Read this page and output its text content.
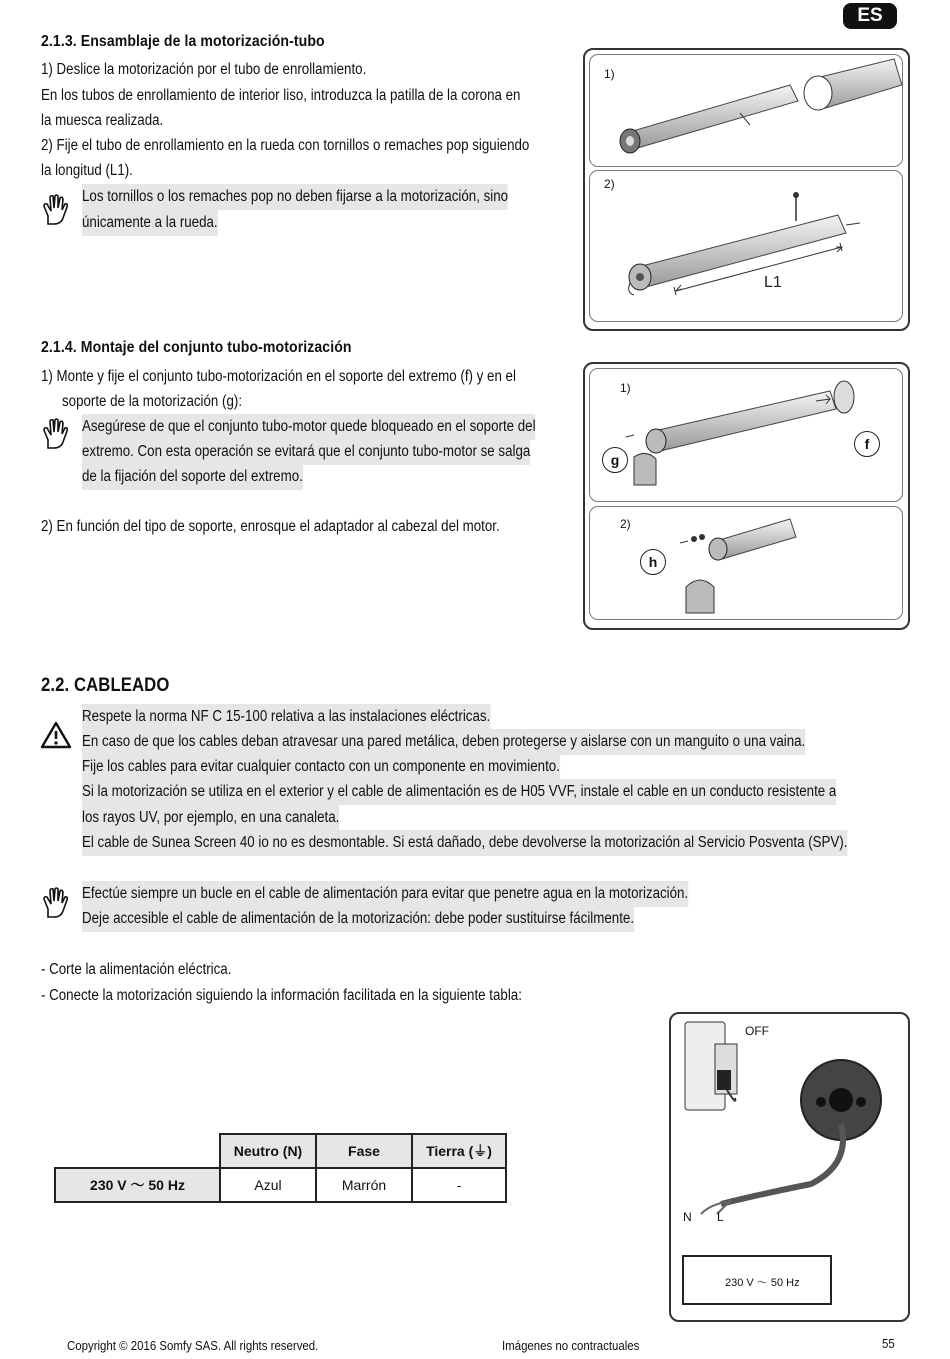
ES
2.1.3. Ensamblaje de la motorización-tubo
1) Deslice la motorización por el tubo de enrollamiento.
En los tubos de enrollamiento de interior liso, introduzca la patilla de la corona en
la muesca realizada.
2) Fije el tubo de enrollamiento en la rueda con tornillos o remaches pop siguiendo
la longitud (L1).
Los tornillos o los remaches pop no deben fijarse a la motorización, sino
únicamente a la rueda.
1)
2)
L1
2.1.4. Montaje del conjunto tubo-motorización
1) Monte y fije el conjunto tubo-motorización en el soporte del extremo (f) y en el
soporte de la motorización (g):
Asegúrese de que el conjunto tubo-motor quede bloqueado en el soporte del
extremo. Con esta operación se evitará que el conjunto tubo-motor se salga
de la fijación del soporte del extremo.
2) En función del tipo de soporte, enrosque el adaptador al cabezal del motor.
1)
g
f
2)
h
2.2. CABLEADO
Respete la norma NF C 15-100 relativa a las instalaciones eléctricas.
En caso de que los cables deban atravesar una pared metálica, deben protegerse y aislarse con un manguito o una vaina.
Fije los cables para evitar cualquier contacto con un componente en movimiento.
Si la motorización se utiliza en el exterior y el cable de alimentación es de H05 VVF, instale el cable en un conducto resistente a
los rayos UV, por ejemplo, en una canaleta.
El cable de Sunea Screen 40 io no es desmontable. Si está dañado, debe devolverse la motorización al Servicio Posventa (SPV).
Efectúe siempre un bucle en el cable de alimentación para evitar que penetre agua en la motorización.
Deje accesible el cable de alimentación de la motorización: debe poder sustituirse fácilmente.
- Corte la alimentación eléctrica.
- Conecte la motorización siguiendo la información facilitada en la siguiente tabla:
	Neutro (N)	Fase	Tierra (⏚)
230 V ～ 50 Hz	Azul	Marrón	-
OFF
N L
230 V ～ 50 Hz
Copyright © 2016 Somfy SAS. All rights reserved.	Imágenes no contractuales	55
